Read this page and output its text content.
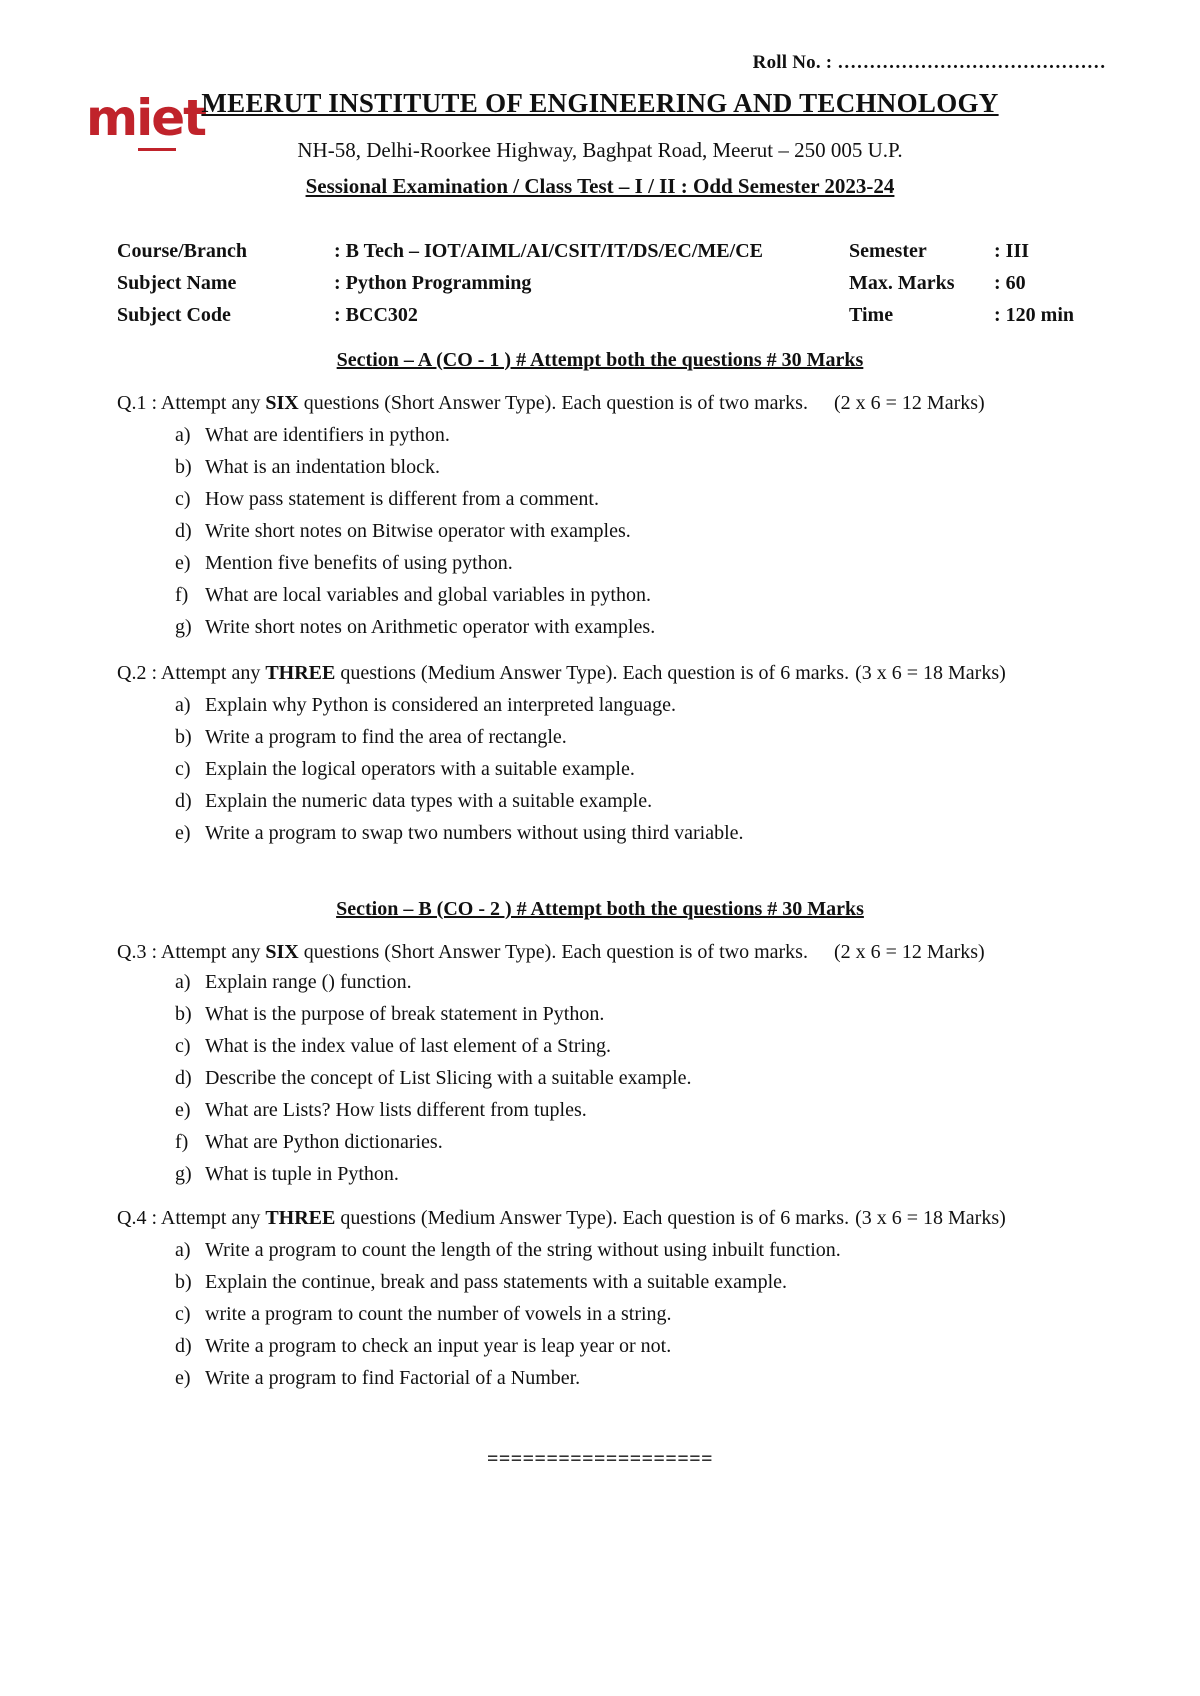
Roll No. : ……………………………………
miet
MEERUT INSTITUTE OF ENGINEERING AND TECHNOLOGY
NH-58, Delhi-Roorkee Highway, Baghpat Road, Meerut – 250 005 U.P.
Sessional Examination / Class Test – I / II : Odd Semester 2023-24
Course/Branch	: B Tech – IOT/AIML/AI/CSIT/IT/DS/EC/ME/CE	Semester	: III
Subject Name	: Python Programming	Max. Marks : 60
Subject Code	: BCC302	Time	: 120 min
Section – A (CO - 1 ) # Attempt both the questions # 30 Marks
Q.1 : Attempt any SIX questions (Short Answer Type). Each question is of two marks. (2 x 6 = 12 Marks)
a) What are identifiers in python.
b) What is an indentation block.
c) How pass statement is different from a comment.
d) Write short notes on Bitwise operator with examples.
e) Mention five benefits of using python.
f) What are local variables and global variables in python.
g) Write short notes on Arithmetic operator with examples.
Q.2 : Attempt any THREE questions (Medium Answer Type). Each question is of 6 marks. (3 x 6 = 18 Marks)
a) Explain why Python is considered an interpreted language.
b) Write a program to find the area of rectangle.
c) Explain the logical operators with a suitable example.
d) Explain the numeric data types with a suitable example.
e) Write a program to swap two numbers without using third variable.
Section – B (CO - 2 ) # Attempt both the questions # 30 Marks
Q.3 : Attempt any SIX questions (Short Answer Type). Each question is of two marks. (2 x 6 = 12 Marks)
a) Explain range () function.
b) What is the purpose of break statement in Python.
c) What is the index value of last element of a String.
d) Describe the concept of List Slicing with a suitable example.
e) What are Lists? How lists different from tuples.
f) What are Python dictionaries.
g) What is tuple in Python.
Q.4 : Attempt any THREE questions (Medium Answer Type). Each question is of 6 marks. (3 x 6 = 18 Marks)
a) Write a program to count the length of the string without using inbuilt function.
b) Explain the continue, break and pass statements with a suitable example.
c) write a program to count the number of vowels in a string.
d) Write a program to check an input year is leap year or not.
e) Write a program to find Factorial of a Number.
===================
